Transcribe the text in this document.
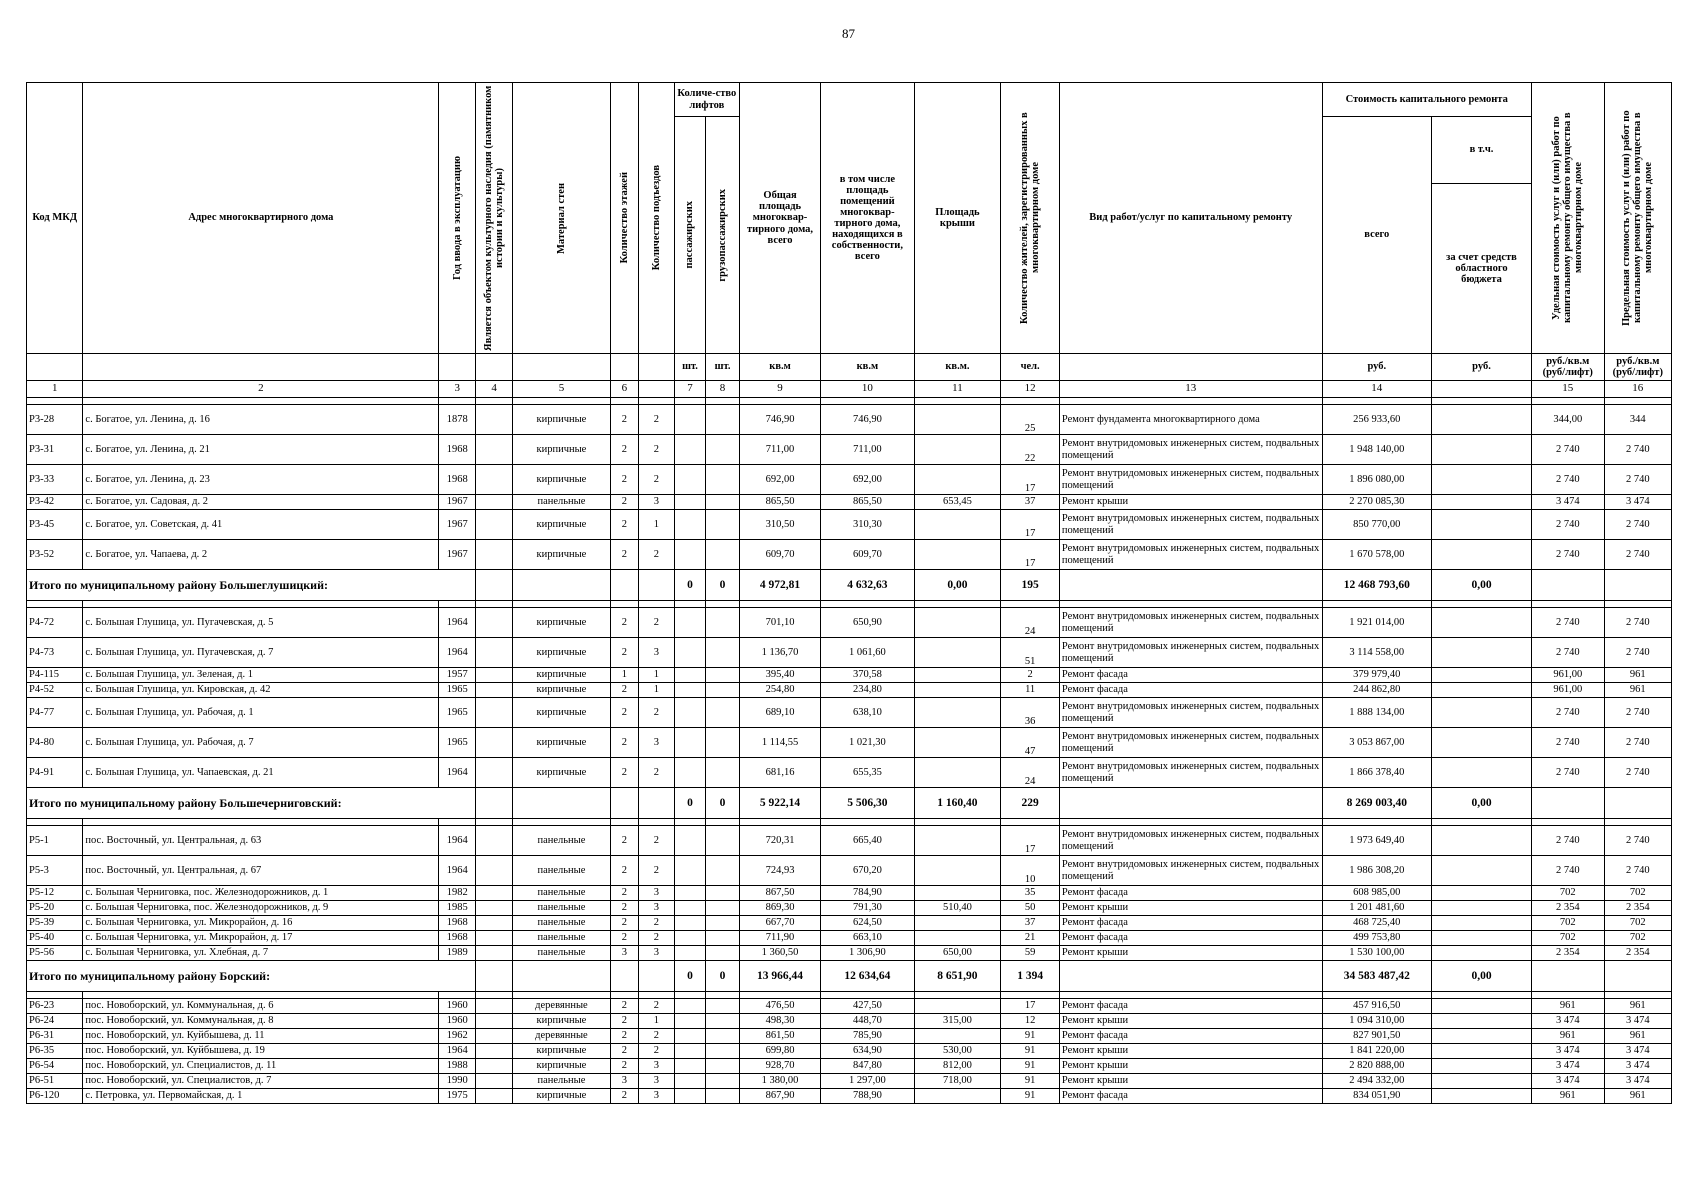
87
Код МКД	Адрес многоквартирного дома	Год ввода в эксплуатацию	Является объектом культурного наследия (памятником истории и культуры)	Материал стен	Количество этажей	Количество подъездов	Количе-ство лифтов		Общая площадь многоквар-тирного дома, всего	в том числе площадь помещений многоквар-тирного дома, находящихся в собственности, всего	Площадь крыши	Количество жителей, зарегистрированных в многоквартирном доме	Вид работ/услуг по капитальному ремонту	Стоимость капитального ремонта		Удельная стоимость услуг и (или) работ по капитальному ремонту общего имущества в многоквартирном доме	Предельная стоимость услуг и (или) работ по капитальному ремонту общего имущества в многоквартирном доме

							пассажирских	грузопассажирских						всего	в т.ч.		
															за счет средств областного бюджета		
							шт.	шт.	кв.м	кв.м	кв.м.	чел.		руб.	руб.	руб./кв.м (руб/лифт)	руб./кв.м (руб/лифт)
1	2	3	4	5	6		7	8	9	10	11	12	13	14		15	16

Р3-28	с. Богатое, ул. Ленина, д. 16	1878		кирпичные	2	2			746,90	746,90		25	Ремонт фундамента многоквартирного дома	256 933,60		344,00	344
Р3-31	с. Богатое, ул. Ленина, д. 21	1968		кирпичные	2	2			711,00	711,00		22	Ремонт внутридомовых инженерных систем, подвальных помещений	1 948 140,00		2 740	2 740
Р3-33	с. Богатое, ул. Ленина, д. 23	1968		кирпичные	2	2			692,00	692,00		17	Ремонт внутридомовых инженерных систем, подвальных помещений	1 896 080,00		2 740	2 740
Р3-42	с. Богатое, ул. Садовая, д. 2	1967		панельные	2	3			865,50	865,50	653,45	37	Ремонт крыши	2 270 085,30		3 474	3 474
Р3-45	с. Богатое, ул. Советская, д. 41	1967		кирпичные	2	1			310,50	310,30		17	Ремонт внутридомовых инженерных систем, подвальных помещений	850 770,00		2 740	2 740
Р3-52	с. Богатое, ул. Чапаева, д. 2	1967		кирпичные	2	2			609,70	609,70		17	Ремонт внутридомовых инженерных систем, подвальных помещений	1 670 578,00		2 740	2 740
Итого по муниципальному району Большеглушицкий:							0	0	4 972,81	4 632,63	0,00	195		12 468 793,60	0,00		

Р4-72	с. Большая Глушица, ул. Пугачевская, д. 5	1964		кирпичные	2	2			701,10	650,90		24	Ремонт внутридомовых инженерных систем, подвальных помещений	1 921 014,00		2 740	2 740
Р4-73	с. Большая Глушица, ул. Пугачевская, д. 7	1964		кирпичные	2	3			1 136,70	1 061,60		51	Ремонт внутридомовых инженерных систем, подвальных помещений	3 114 558,00		2 740	2 740
Р4-115	с. Большая Глушица, ул. Зеленая, д. 1	1957		кирпичные	1	1			395,40	370,58		2	Ремонт фасада	379 979,40		961,00	961
Р4-52	с. Большая Глушица, ул. Кировская, д. 42	1965		кирпичные	2	1			254,80	234,80		11	Ремонт фасада	244 862,80		961,00	961
Р4-77	с. Большая Глушица, ул. Рабочая, д. 1	1965		кирпичные	2	2			689,10	638,10		36	Ремонт внутридомовых инженерных систем, подвальных помещений	1 888 134,00		2 740	2 740
Р4-80	с. Большая Глушица, ул. Рабочая, д. 7	1965		кирпичные	2	3			1 114,55	1 021,30		47	Ремонт внутридомовых инженерных систем, подвальных помещений	3 053 867,00		2 740	2 740
Р4-91	с. Большая Глушица, ул. Чапаевская, д. 21	1964		кирпичные	2	2			681,16	655,35		24	Ремонт внутридомовых инженерных систем, подвальных помещений	1 866 378,40		2 740	2 740
Итого по муниципальному району Большечерниговский:							0	0	5 922,14	5 506,30	1 160,40	229		8 269 003,40	0,00		

Р5-1	пос. Восточный, ул. Центральная, д. 63	1964		панельные	2	2			720,31	665,40		17	Ремонт внутридомовых инженерных систем, подвальных помещений	1 973 649,40		2 740	2 740
Р5-3	пос. Восточный, ул. Центральная, д. 67	1964		панельные	2	2			724,93	670,20		10	Ремонт внутридомовых инженерных систем, подвальных помещений	1 986 308,20		2 740	2 740
Р5-12	с. Большая Черниговка, пос. Железнодорожников, д. 1	1982		панельные	2	3			867,50	784,90		35	Ремонт фасада	608 985,00		702	702
Р5-20	с. Большая Черниговка, пос. Железнодорожников, д. 9	1985		панельные	2	3			869,30	791,30	510,40	50	Ремонт крыши	1 201 481,60		2 354	2 354
Р5-39	с. Большая Черниговка, ул. Микрорайон, д. 16	1968		панельные	2	2			667,70	624,50		37	Ремонт фасада	468 725,40		702	702
Р5-40	с. Большая Черниговка, ул. Микрорайон, д. 17	1968		панельные	2	2			711,90	663,10		21	Ремонт фасада	499 753,80		702	702
Р5-56	с. Большая Черниговка, ул. Хлебная, д. 7	1989		панельные	3	3			1 360,50	1 306,90	650,00	59	Ремонт крыши	1 530 100,00		2 354	2 354
Итого по муниципальному району Борский:							0	0	13 966,44	12 634,64	8 651,90	1 394		34 583 487,42	0,00		

Р6-23	пос. Новоборский, ул. Коммунальная, д. 6	1960		деревянные	2	2			476,50	427,50		17	Ремонт фасада	457 916,50		961	961
Р6-24	пос. Новоборский, ул. Коммунальная, д. 8	1960		кирпичные	2	1			498,30	448,70	315,00	12	Ремонт крыши	1 094 310,00		3 474	3 474
Р6-31	пос. Новоборский, ул. Куйбышева, д. 11	1962		деревянные	2	2			861,50	785,90		91	Ремонт фасада	827 901,50		961	961
Р6-35	пос. Новоборский, ул. Куйбышева, д. 19	1964		кирпичные	2	2			699,80	634,90	530,00	91	Ремонт крыши	1 841 220,00		3 474	3 474
Р6-54	пос. Новоборский, ул. Специалистов, д. 11	1988		кирпичные	2	3			928,70	847,80	812,00	91	Ремонт крыши	2 820 888,00		3 474	3 474
Р6-51	пос. Новоборский, ул. Специалистов, д. 7	1990		панельные	3	3			1 380,00	1 297,00	718,00	91	Ремонт крыши	2 494 332,00		3 474	3 474
Р6-120	с. Петровка, ул. Первомайская, д. 1	1975		кирпичные	2	3			867,90	788,90		91	Ремонт фасада	834 051,90		961	961
